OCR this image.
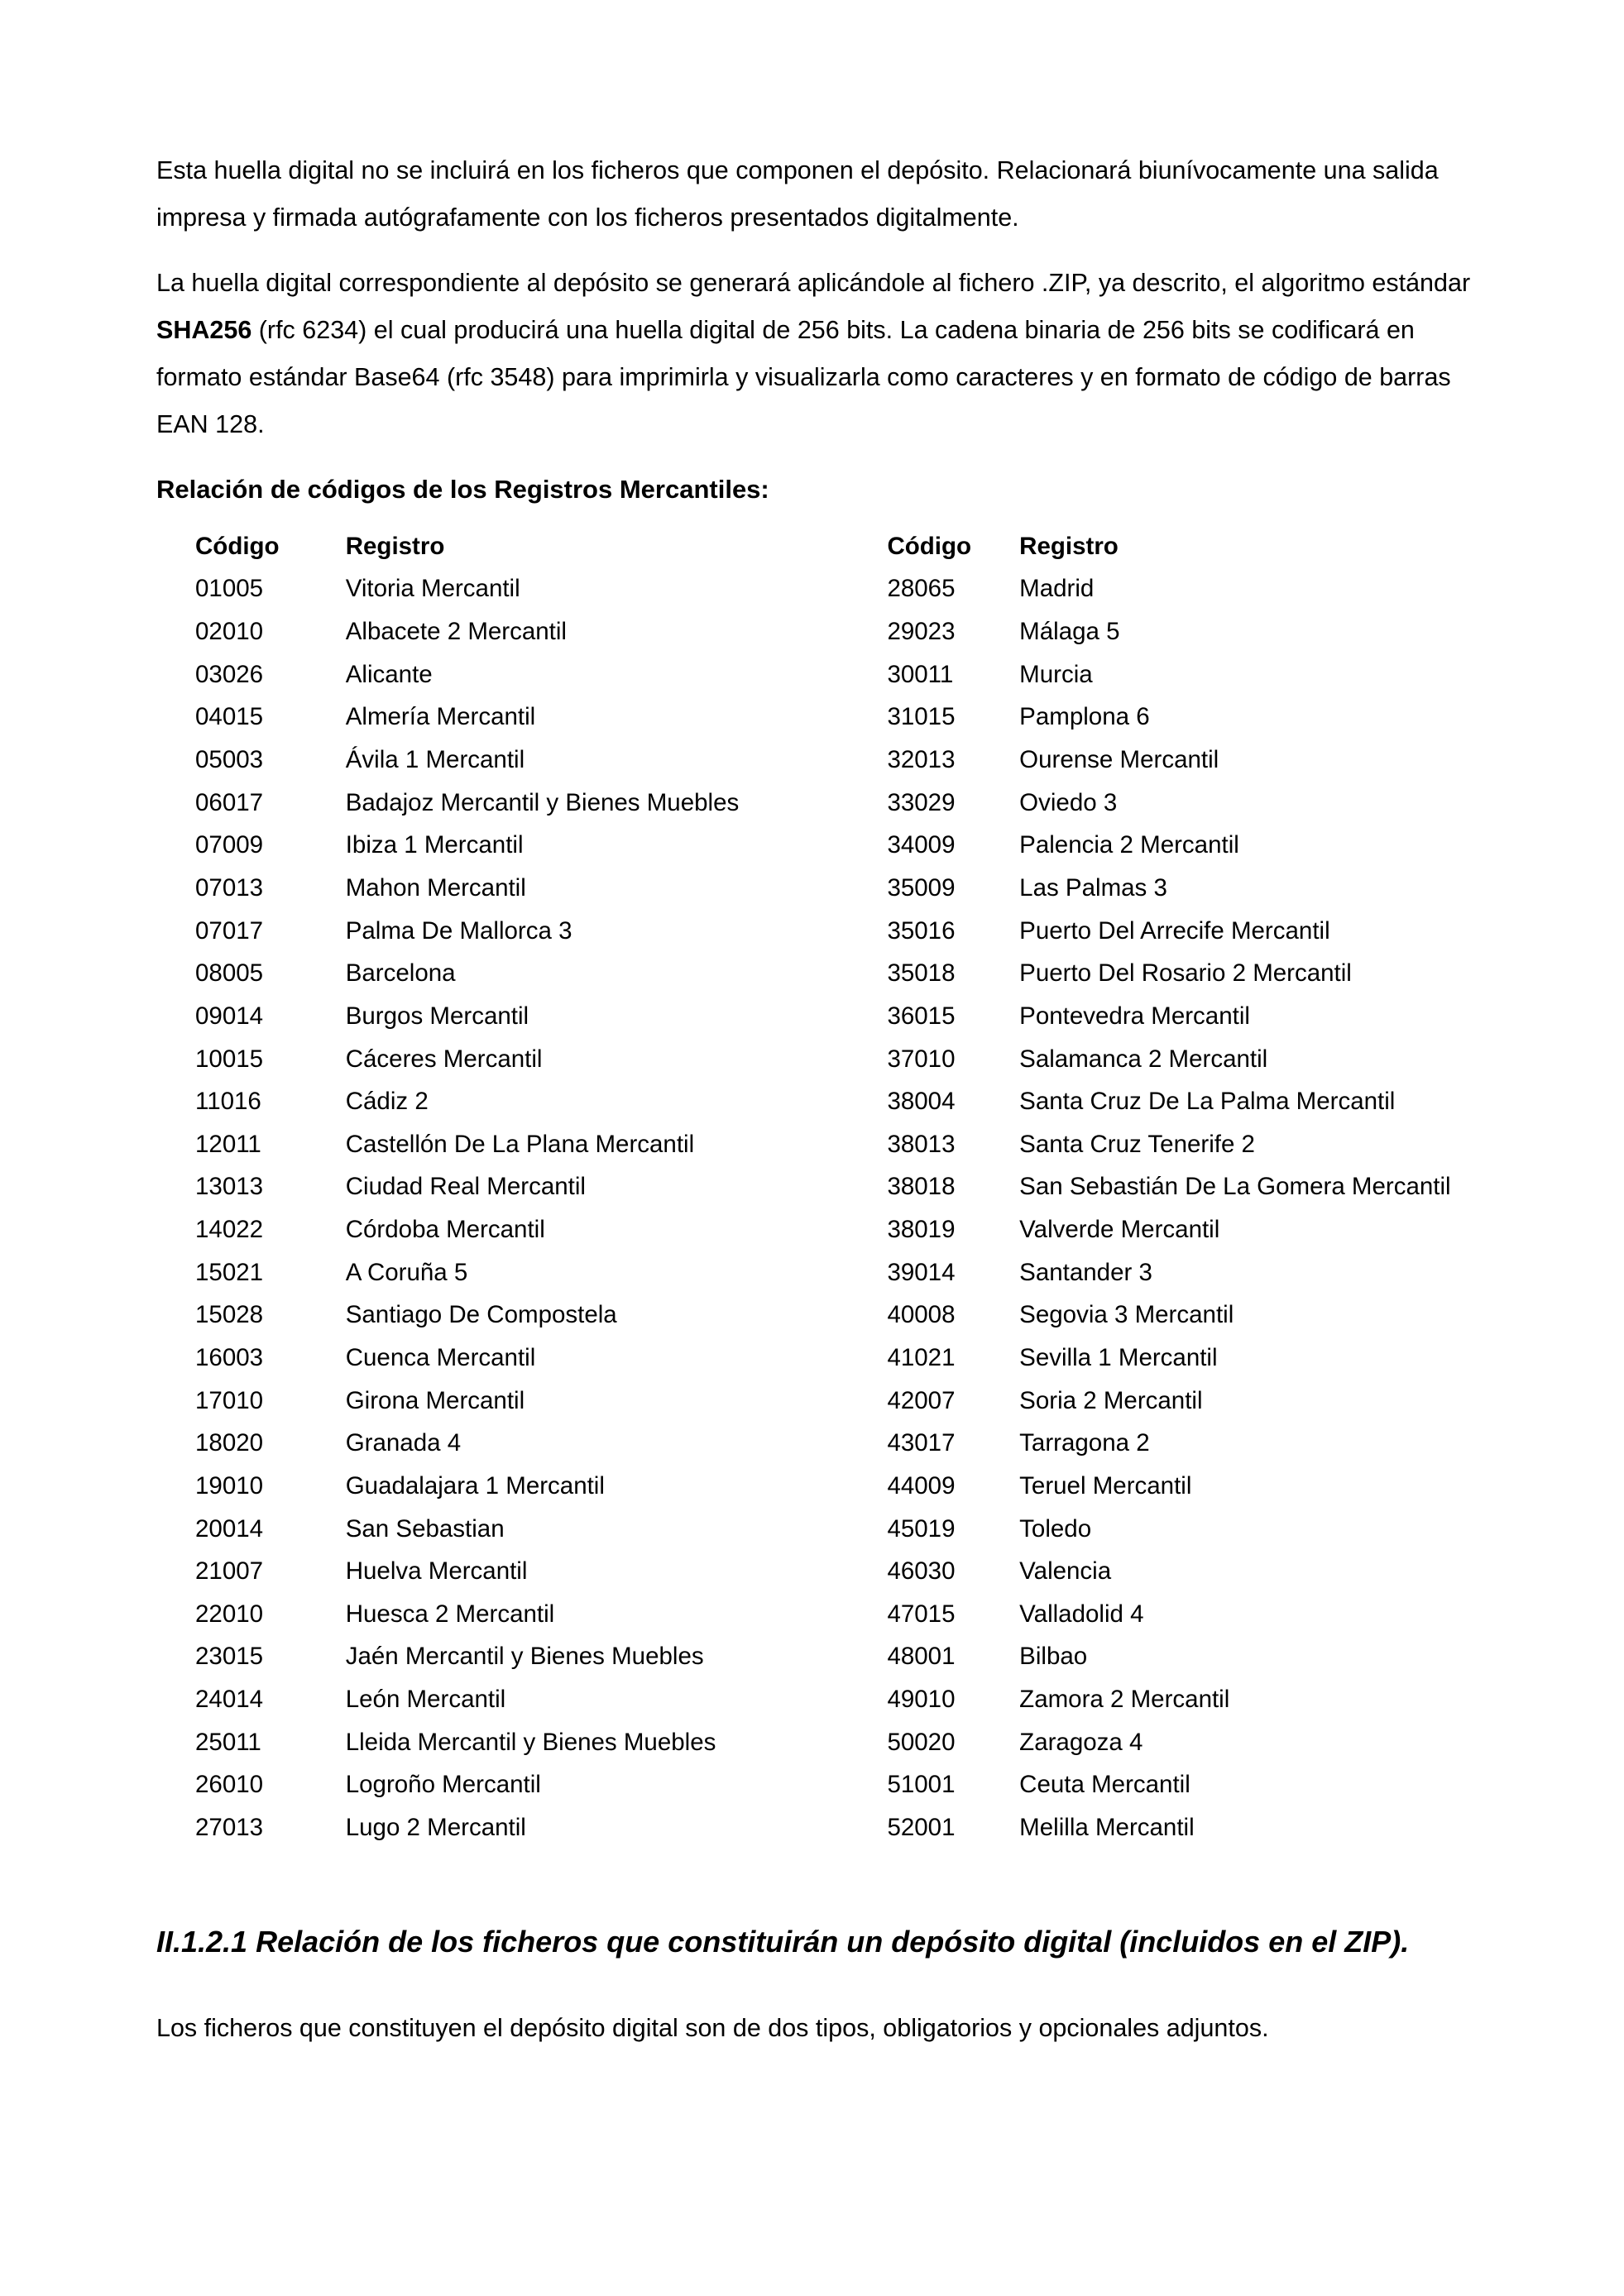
Esta huella digital no se incluirá en los ficheros que componen el depósito. Relacionará biunívocamente una salida impresa y firmada autógrafamente con los ficheros presentados digitalmente.

La huella digital correspondiente al depósito se generará aplicándole al fichero .ZIP, ya descrito, el algoritmo estándar SHA256 (rfc 6234) el cual producirá una huella digital de 256 bits. La cadena binaria de 256 bits se codificará en formato estándar Base64 (rfc 3548) para imprimirla y visualizarla como caracteres y en formato de código de barras EAN 128.

Relación de códigos de los Registros Mercantiles:

Código	Registro	Código	Registro
01005	Vitoria Mercantil	28065	Madrid
02010	Albacete 2 Mercantil	29023	Málaga 5
03026	Alicante	30011	Murcia
04015	Almería Mercantil	31015	Pamplona 6
05003	Ávila 1 Mercantil	32013	Ourense Mercantil
06017	Badajoz Mercantil y Bienes Muebles	33029	Oviedo 3
07009	Ibiza 1 Mercantil	34009	Palencia 2 Mercantil
07013	Mahon Mercantil	35009	Las Palmas 3
07017	Palma De Mallorca 3	35016	Puerto Del Arrecife Mercantil
08005	Barcelona	35018	Puerto Del Rosario 2 Mercantil
09014	Burgos Mercantil	36015	Pontevedra Mercantil
10015	Cáceres Mercantil	37010	Salamanca 2 Mercantil
11016	Cádiz 2	38004	Santa Cruz De La Palma Mercantil
12011	Castellón De La Plana Mercantil	38013	Santa Cruz Tenerife 2
13013	Ciudad Real Mercantil	38018	San Sebastián De La Gomera Mercantil
14022	Córdoba Mercantil	38019	Valverde Mercantil
15021	A Coruña 5	39014	Santander 3
15028	Santiago De Compostela	40008	Segovia 3 Mercantil
16003	Cuenca Mercantil	41021	Sevilla 1 Mercantil
17010	Girona Mercantil	42007	Soria 2 Mercantil
18020	Granada 4	43017	Tarragona 2
19010	Guadalajara 1 Mercantil	44009	Teruel Mercantil
20014	San Sebastian	45019	Toledo
21007	Huelva Mercantil	46030	Valencia
22010	Huesca 2 Mercantil	47015	Valladolid 4
23015	Jaén Mercantil y Bienes Muebles	48001	Bilbao
24014	León Mercantil	49010	Zamora 2 Mercantil
25011	Lleida Mercantil y Bienes Muebles	50020	Zaragoza 4
26010	Logroño Mercantil	51001	Ceuta Mercantil
27013	Lugo 2 Mercantil	52001	Melilla Mercantil

II.1.2.1 Relación de los ficheros que constituirán un depósito digital (incluidos en el ZIP).

Los ficheros que constituyen el depósito digital son de dos tipos, obligatorios y opcionales adjuntos.
